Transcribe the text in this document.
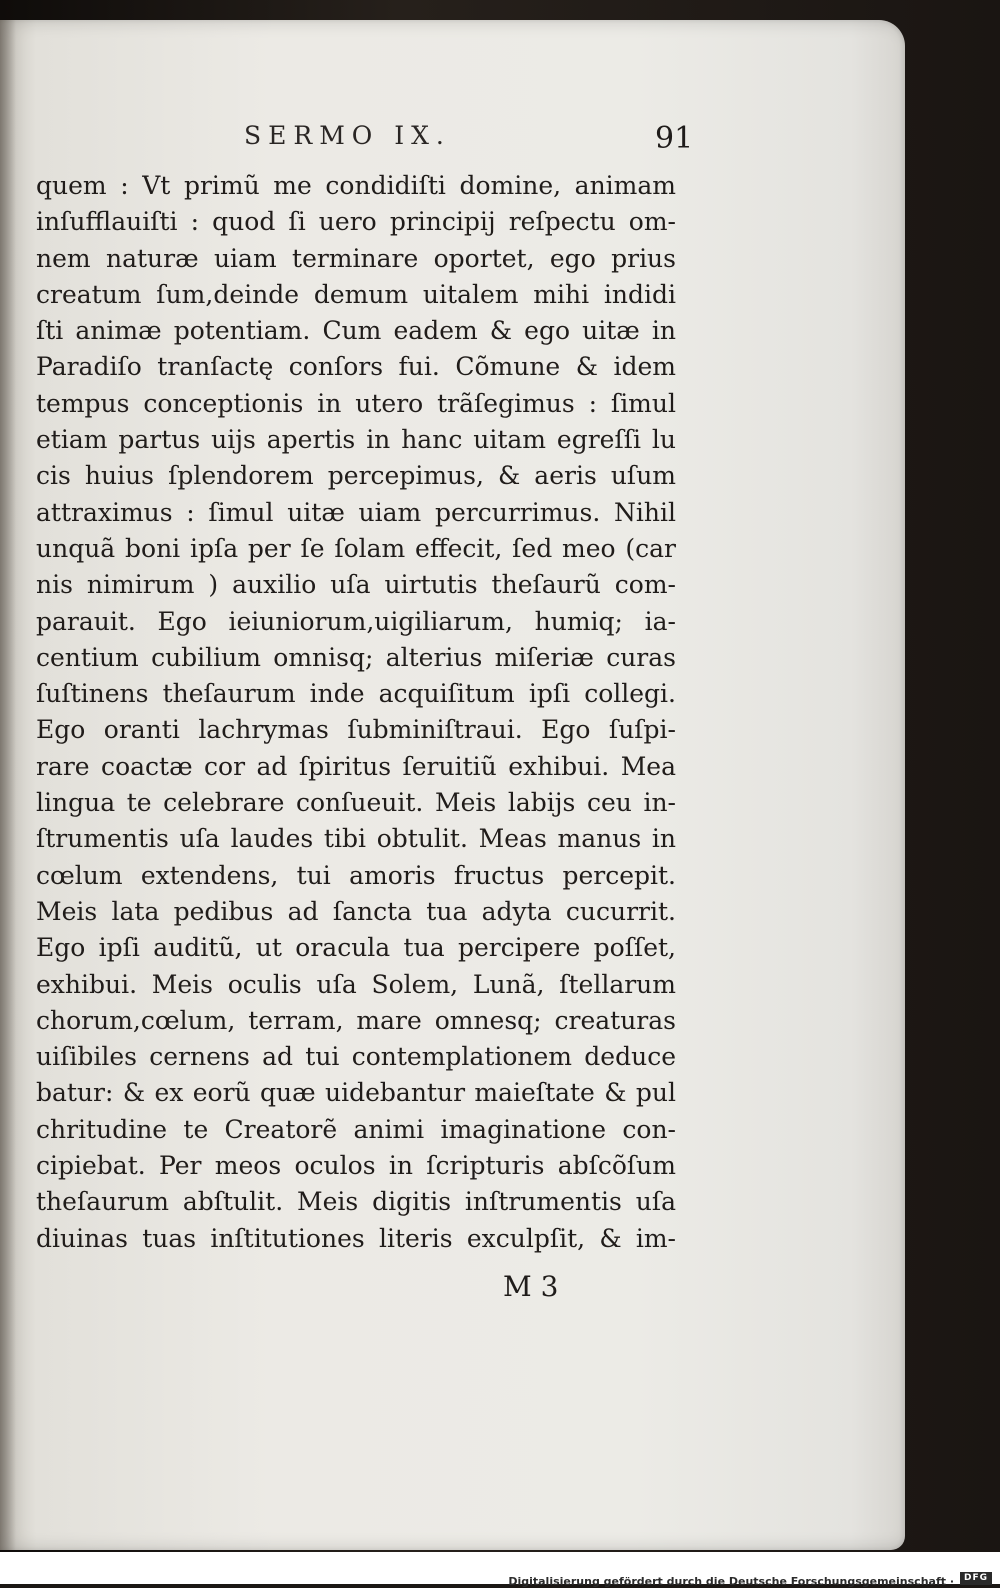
SERMO IX.	91
quem : Vt primũ me condidiſti domine, animam
inſufflauiſti : quod ſi uero principij reſpectu om-
nem naturæ uiam terminare oportet, ego prius
creatum ſum,deinde demum uitalem mihi indidi
ſti animæ potentiam. Cum eadem & ego uitæ in
Paradiſo tranſactę conſors fui. Cõmune & idem
tempus conceptionis in utero trãſegimus : ſimul
etiam partus uijs apertis in hanc uitam egreſſi lu
cis huius ſplendorem percepimus, & aeris uſum
attraximus : ſimul uitæ uiam percurrimus. Nihil
unquã boni ipſa per ſe ſolam effecit, ſed meo (car
nis nimirum ) auxilio uſa uirtutis theſaurũ com-
parauit. Ego ieiuniorum,uigiliarum, humiq; ia-
centium cubilium omnisq; alterius miſeriæ curas
ſuſtinens theſaurum inde acquiſitum ipſi collegi.
Ego oranti lachrymas ſubminiſtraui. Ego ſuſpi-
rare coactæ cor ad ſpiritus ſeruitiũ exhibui. Mea
lingua te celebrare conſueuit. Meis labijs ceu in-
ſtrumentis uſa laudes tibi obtulit. Meas manus in
cœlum extendens, tui amoris fructus percepit.
Meis lata pedibus ad ſancta tua adyta cucurrit.
Ego ipſi auditũ, ut oracula tua percipere poſſet,
exhibui. Meis oculis uſa Solem, Lunã, ſtellarum
chorum,cœlum, terram, mare omnesq; creaturas
uiſibiles cernens ad tui contemplationem deduce
batur: & ex eorũ quæ uidebantur maieſtate & pul
chritudine te Creatorẽ animi imaginatione con-
cipiebat. Per meos oculos in ſcripturis abſcõſum
theſaurum abſtulit. Meis digitis inſtrumentis uſa
diuinas tuas inſtitutiones literis exculpſit, & im-
M 3
Digitalisierung gefördert durch die Deutsche Forschungsgemeinschaft ·	DFG
